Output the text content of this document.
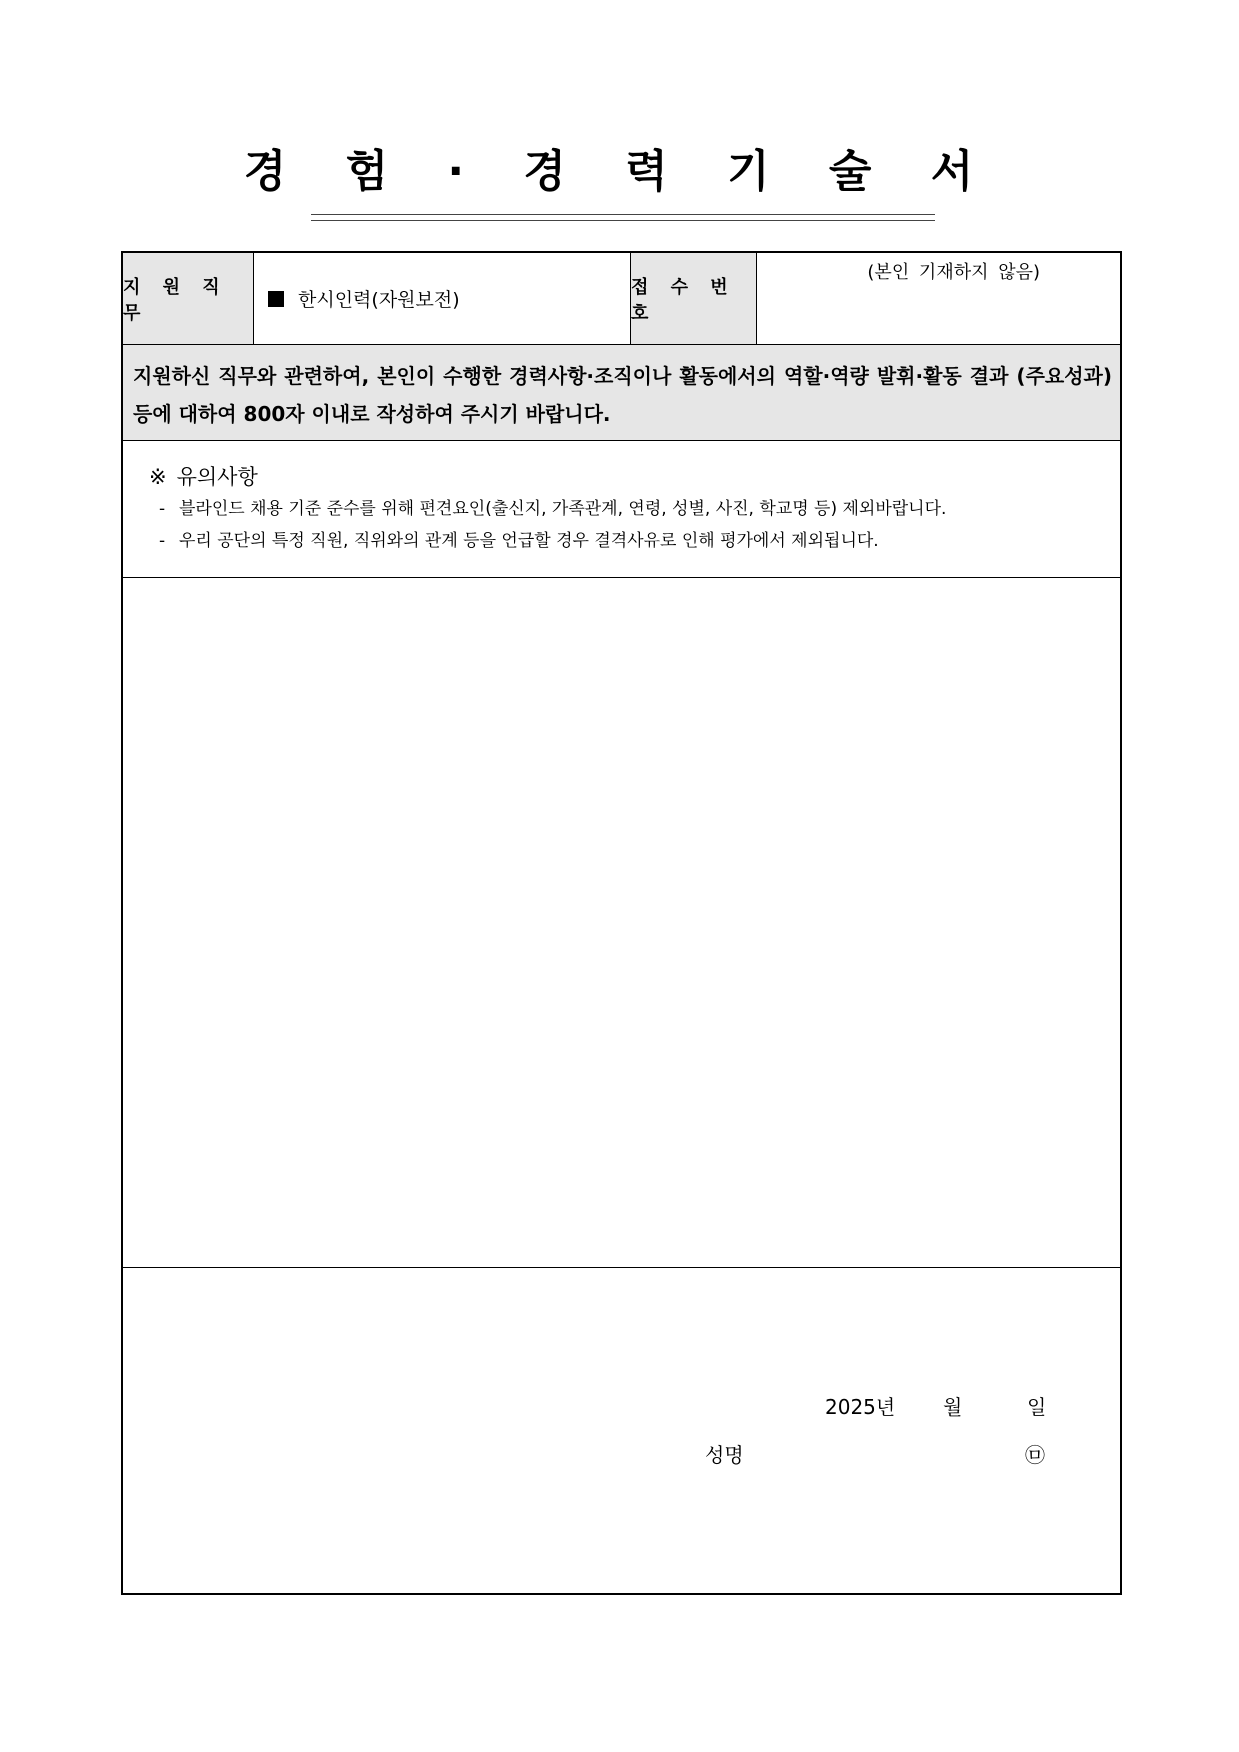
경 험 · 경 력 기 술 서
지 원 직 무
한시인력(자원보전)
접 수 번 호
(본인 기재하지 않음)
지원하신 직무와 관련하여, 본인이 수행한 경력사항·조직이나 활동에서의 역할·역량 발휘·활동 결과 (주요성과) 등에 대하여 800자 이내로 작성하여 주시기 바랍니다.
※ 유의사항
- 블라인드 채용 기준 준수를 위해 편견요인(출신지, 가족관계, 연령, 성별, 사진, 학교명 등) 제외바랍니다.
- 우리 공단의 특정 직원, 직위와의 관계 등을 언급할 경우 결격사유로 인해 평가에서 제외됩니다.
2025년 월	일
성명	㉤
